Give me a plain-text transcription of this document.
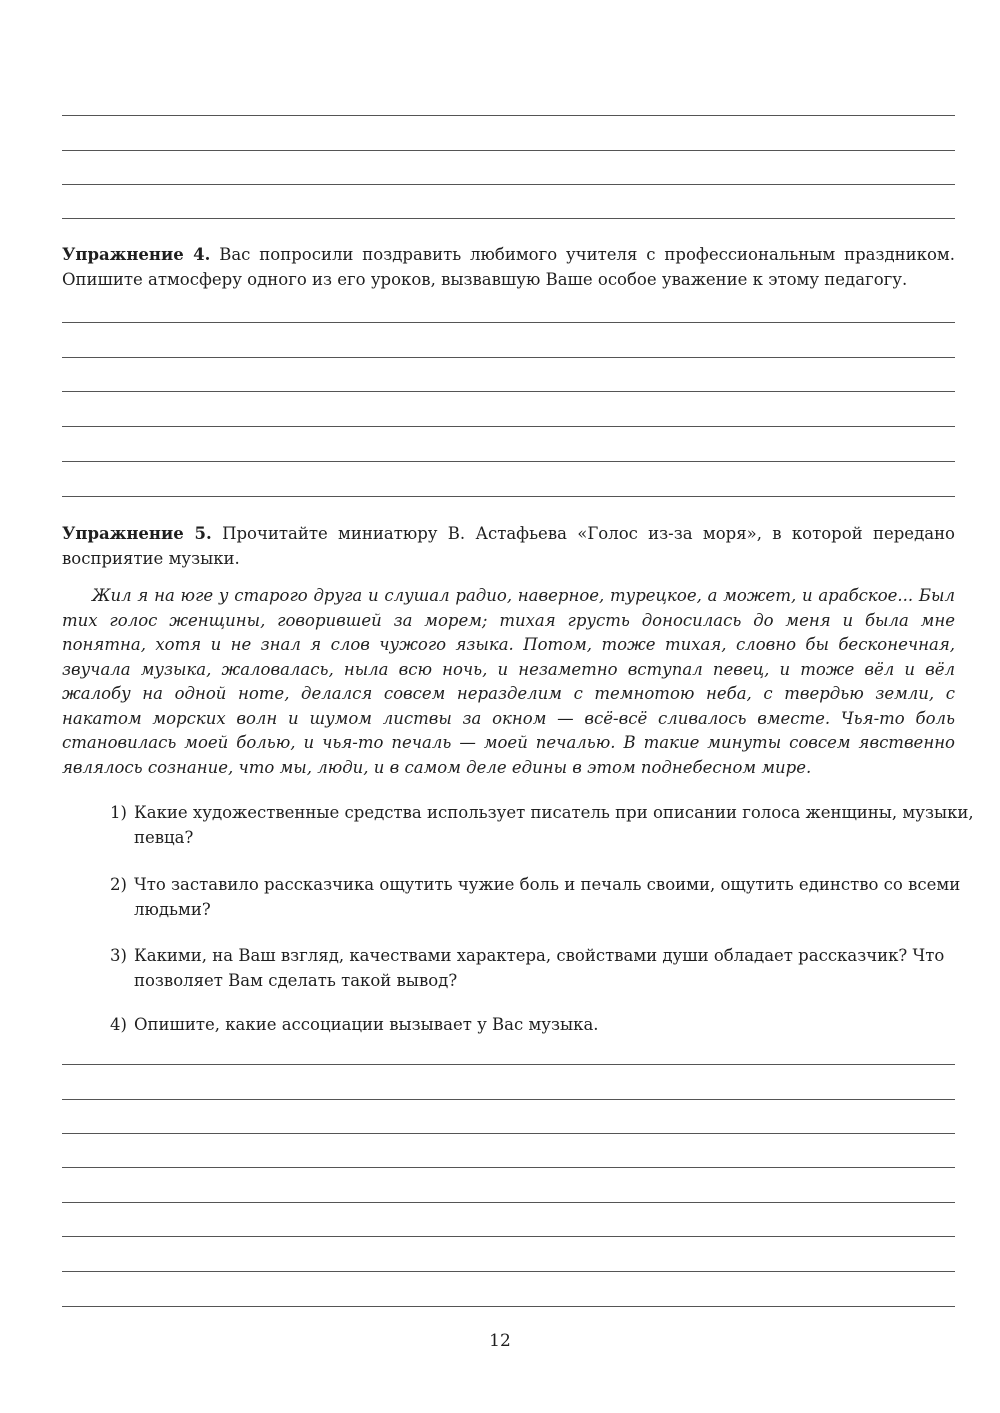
Упражнение 4. Вас попросили поздравить любимого учителя с профессиональным праздником. Опишите атмосферу одного из его уроков, вызвавшую Ваше особое уважение к этому педагогу.
Упражнение 5. Прочитайте миниатюру В. Астафьева «Голос из-за моря», в которой передано восприятие музыки.
Жил я на юге у старого друга и слушал радио, наверное, турецкое, а может, и арабское... Был тих голос женщины, говорившей за морем; тихая грусть доносилась до меня и была мне понятна, хотя и не знал я слов чужого языка. Потом, тоже тихая, словно бы бесконечная, звучала музыка, жаловалась, ныла всю ночь, и незаметно вступал певец, и тоже вёл и вёл жалобу на одной ноте, делался совсем неразделим с темнотою неба, с твердью земли, с накатом морских волн и шумом листвы за окном — всё-всё сливалось вместе. Чья-то боль становилась моей болью, и чья-то печаль — моей печалью. В такие минуты совсем явственно являлось сознание, что мы, люди, и в самом деле едины в этом поднебесном мире.
1) Какие художественные средства использует писатель при описании голоса женщины, музыки, певца?
2) Что заставило рассказчика ощутить чужие боль и печаль своими, ощутить единство со всеми людьми?
3) Какими, на Ваш взгляд, качествами характера, свойствами души обладает рассказчик? Что позволяет Вам сделать такой вывод?
4) Опишите, какие ассоциации вызывает у Вас музыка.
12
